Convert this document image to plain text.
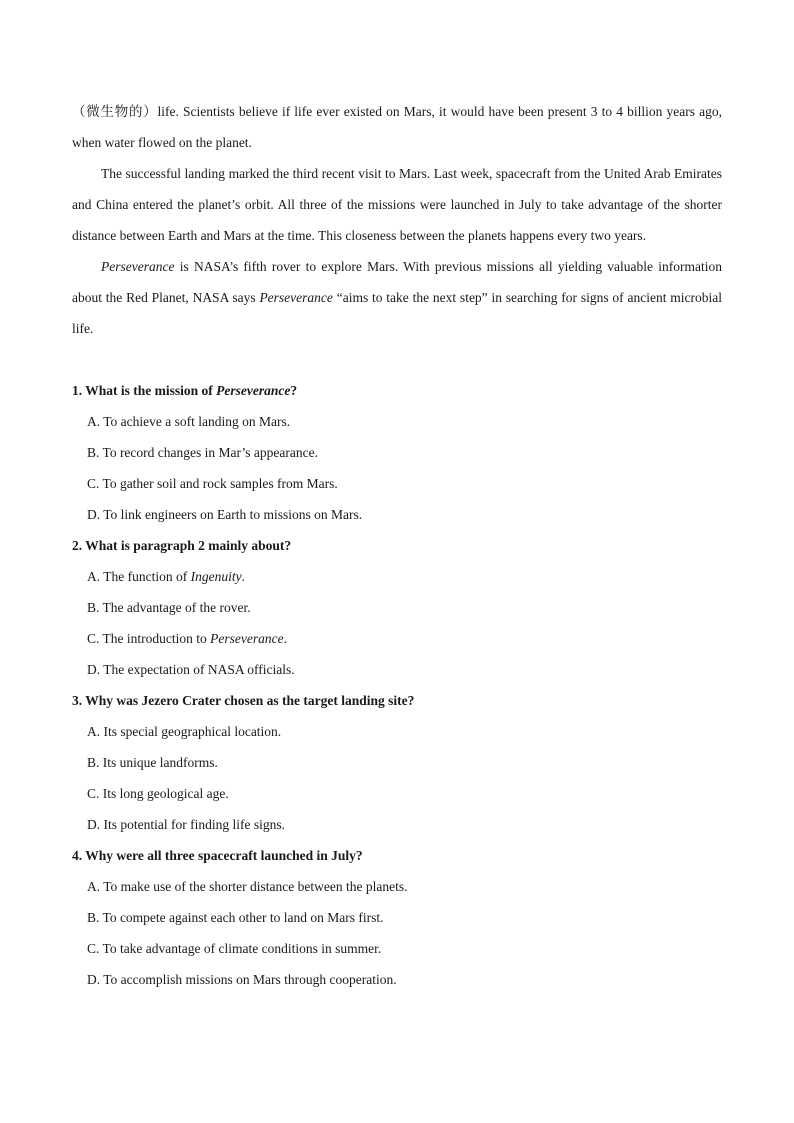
（微生物的）life. Scientists believe if life ever existed on Mars, it would have been present 3 to 4 billion years ago, when water flowed on the planet.

The successful landing marked the third recent visit to Mars. Last week, spacecraft from the United Arab Emirates and China entered the planet’s orbit. All three of the missions were launched in July to take advantage of the shorter distance between Earth and Mars at the time. This closeness between the planets happens every two years.

Perseverance is NASA’s fifth rover to explore Mars. With previous missions all yielding valuable information about the Red Planet, NASA says Perseverance “aims to take the next step” in searching for signs of ancient microbial life.

1. What is the mission of Perseverance?

A. To achieve a soft landing on Mars.

B. To record changes in Mar’s appearance.

C. To gather soil and rock samples from Mars.

D. To link engineers on Earth to missions on Mars.

2. What is paragraph 2 mainly about?

A. The function of Ingenuity.

B. The advantage of the rover.

C. The introduction to Perseverance.

D. The expectation of NASA officials.

3. Why was Jezero Crater chosen as the target landing site?

A. Its special geographical location.

B. Its unique landforms.

C. Its long geological age.

D. Its potential for finding life signs.

4. Why were all three spacecraft launched in July?

A. To make use of the shorter distance between the planets.

B. To compete against each other to land on Mars first.

C. To take advantage of climate conditions in summer.

D. To accomplish missions on Mars through cooperation.
